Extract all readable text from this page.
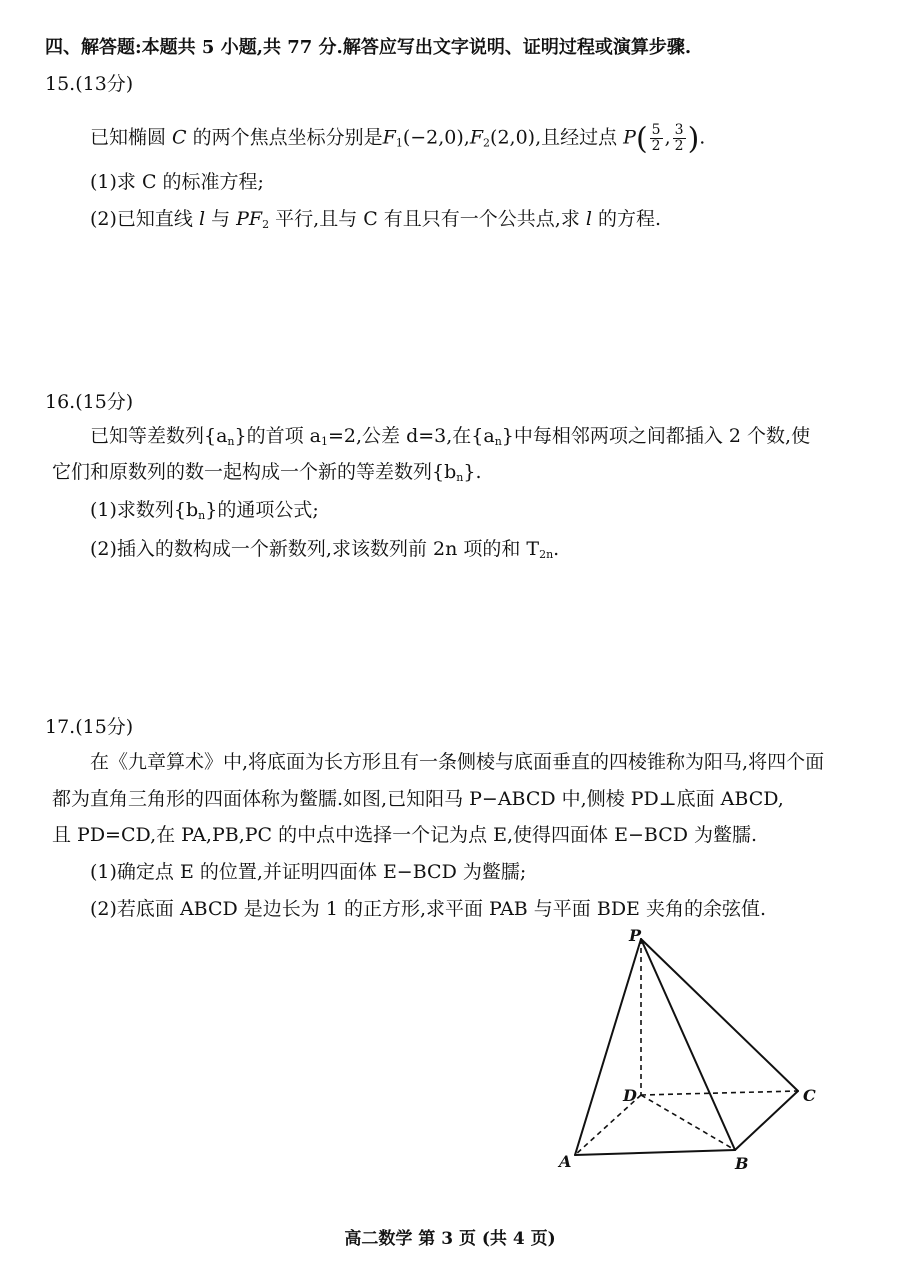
四、解答题:本题共 5 小题,共 77 分.解答应写出文字说明、证明过程或演算步骤.
15.(13分)
已知椭圆 C 的两个焦点坐标分别是$F_1(-2,0),F_2(2,0)$,且经过点 $P( \frac{5}{2}$ , $\frac{3}{2}$ ).
(1)求 C 的标准方程;
(2)已知直线 l 与 $PF_2$ 平行,且与 C 有且只有一个公共点,求 l 的方程.
16.(15分)
已知等差数列$\{a_n\}$的首项 $a_1=2$,公差 d=3,在$\{a_n\}$中每相邻两项之间都插入 2 个数,使
它们和原数列的数一起构成一个新的等差数列$\{b_n\}$.
(1)求数列$\{b_n\}$的通项公式;
(2)插入的数构成一个新数列,求该数列前 2n 项的和 $T_{2n}$.
17.(15分)
在《九章算术》中,将底面为长方形且有一条侧棱与底面垂直的四棱锥称为阳马,将四个面
都为直角三角形的四面体称为鳖臑.如图,已知阳马 P−ABCD 中,侧棱 PD⊥底面 ABCD,
且 PD=CD,在 PA,PB,PC 的中点中选择一个记为点 E,使得四面体 E−BCD 为鳖臑.
(1)确定点 E 的位置,并证明四面体 E−BCD 为鳖臑;
(2)若底面 ABCD 是边长为 1 的正方形,求平面 PAB 与平面 BDE 夹角的余弦值.
P
D	C
A	B
高二数学 第 3 页 (共 4 页)
